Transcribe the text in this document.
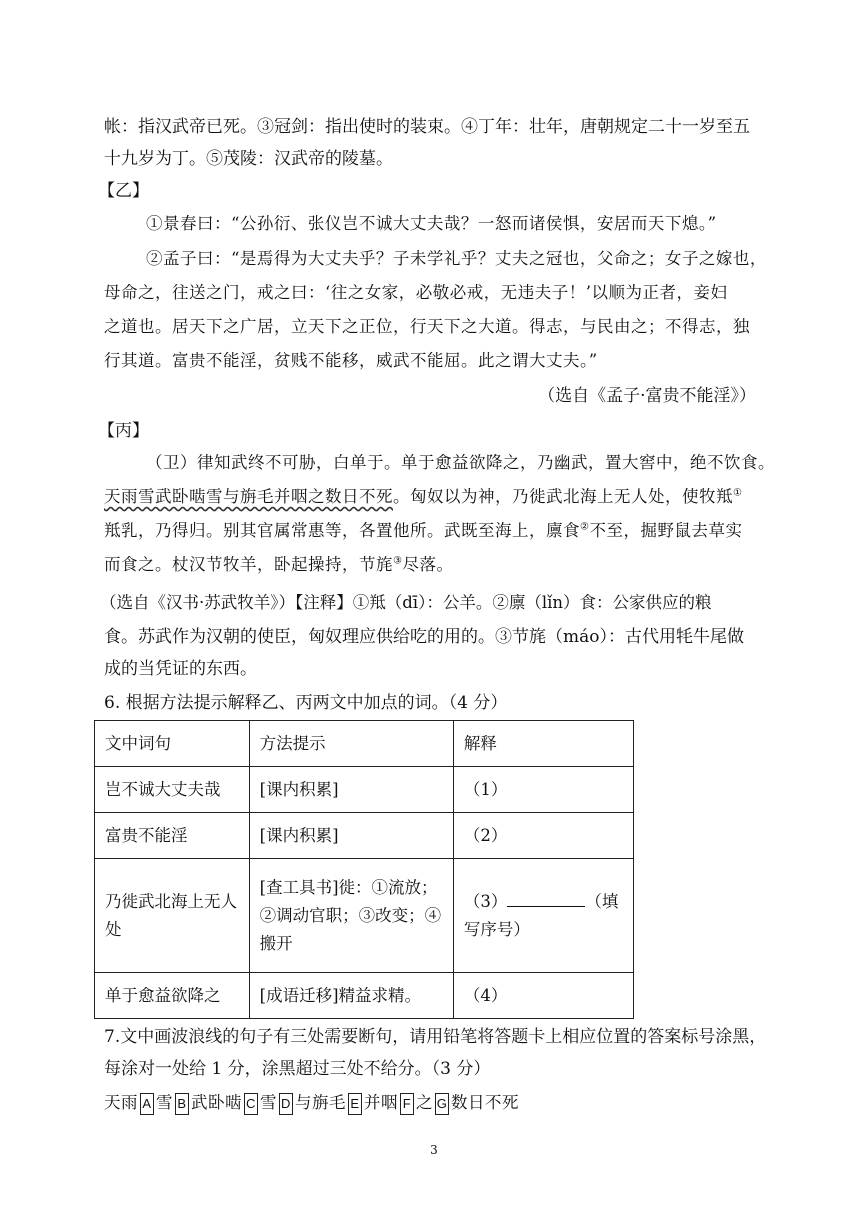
帐：指汉武帝已死。③冠剑：指出使时的装束。④丁年：壮年，唐朝规定二十一岁至五
十九岁为丁。⑤茂陵：汉武帝的陵墓。
【乙】
①景春曰：“公孙衍、张仪岂不诚大丈夫哉？一怒而诸侯惧，安居而天下熄。”
②孟子曰：“是焉得为大丈夫乎？子未学礼乎？丈夫之冠也，父命之；女子之嫁也，
母命之，往送之门，戒之曰：‘往之女家，必敬必戒，无违夫子！’以顺为正者，妾妇
之道也。居天下之广居，立天下之正位，行天下之大道。得志，与民由之；不得志，独
行其道。富贵不能淫，贫贱不能移，威武不能屈。此之谓大丈夫。”
（选自《孟子·富贵不能淫》）
【丙】
（卫）律知武终不可胁，白单于。单于愈益欲降之，乃幽武，置大窖中，绝不饮食。
天雨雪武卧啮雪与旃毛并咽之数日不死。匈奴以为神，乃徙武北海上无人处，使牧羝①
羝乳，乃得归。别其官属常惠等，各置他所。武既至海上，廪食②不至，掘野鼠去草实
而食之。杖汉节牧羊，卧起操持，节旄③尽落。
（选自《汉书·苏武牧羊》）【注释】①羝（dī）：公羊。②廪（lǐn）食：公家供应的粮
食。苏武作为汉朝的使臣，匈奴理应供给吃的用的。③节旄（máo）：古代用牦牛尾做
成的当凭证的东西。
6. 根据方法提示解释乙、丙两文中加点的词。（4 分）
文中词句	方法提示	解释
岂不诚大丈夫哉	[课内积累]	（1）
富贵不能淫	[课内积累]	（2）
乃徙武北海上无人处	[查工具书]徙：①流放；②调动官职；③改变；④搬开	（3） （填写序号）
单于愈益欲降之	[成语迁移]精益求精。	（4）
7.文中画波浪线的句子有三处需要断句，请用铅笔将答题卡上相应位置的答案标号涂黑，
每涂对一处给 1 分，涂黑超过三处不给分。（3 分）
天雨 A 雪 B 武卧啮 C 雪 D 与旃毛 E 并咽 F 之 G 数日不死
3
